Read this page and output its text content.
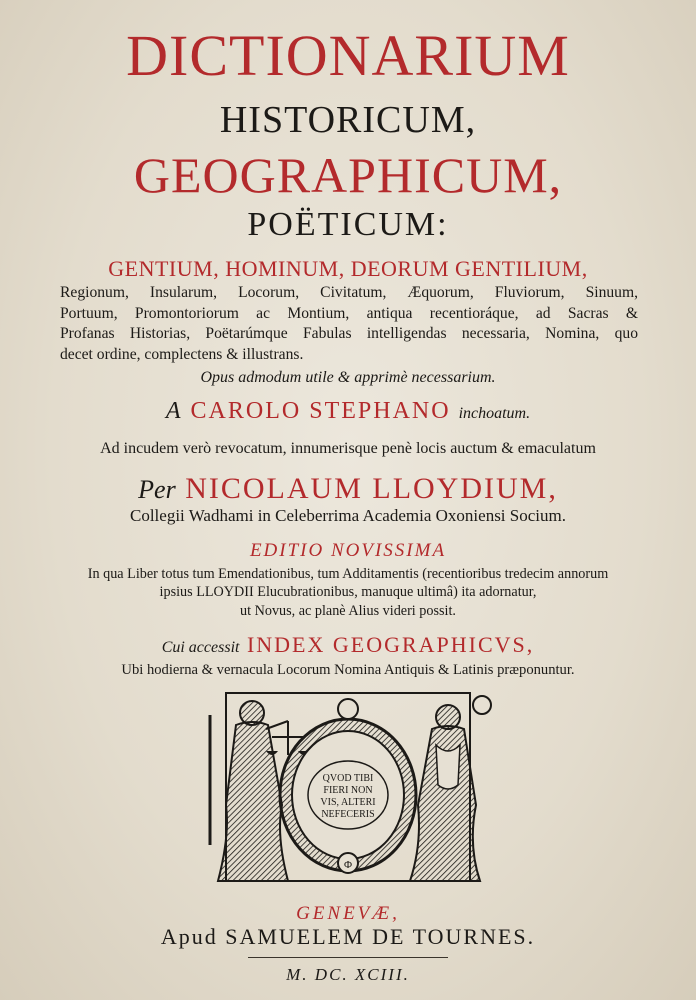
DICTIONARIUM
HISTORICUM,
GEOGRAPHICUM,
POËTICUM:
GENTIUM, HOMINUM, DEORUM GENTILIUM,
Regionum, Insularum, Locorum, Civitatum, Æquorum, Fluviorum, Sinuum,
Portuum, Promontoriorum ac Montium, antiqua recentioráque, ad Sacras &
Profanas Historias, Poëtarúmque Fabulas intelligendas necessaria, Nomina, quo
decet ordine, complectens & illustrans.
Opus admodum utile & apprimè necessarium.
A CAROLO STEPHANO inchoatum.
Ad incudem verò revocatum, innumerisque penè locis auctum & emaculatum
Per NICOLAUM LLOYDIUM,
Collegii Wadhami in Celeberrima Academia Oxoniensi Socium.
EDITIO NOVISSIMA
In qua Liber totus tum Emendationibus, tum Additamentis (recentioribus tredecim annorum
ipsius LLOYDII Elucubrationibus, manuque ultimâ) ita adornatur,
ut Novus, ac planè Alius videri possit.
Cui accessit INDEX GEOGRAPHICVS,
Ubi hodierna & vernacula Locorum Nomina Antiquis & Latinis præponuntur.
Φ
QVOD TIBI
FIERI NON
VIS, ALTERI
NEFECERIS
GENEVÆ,
Apud SAMUELEM DE TOURNES.
M. DC. XCIII.
